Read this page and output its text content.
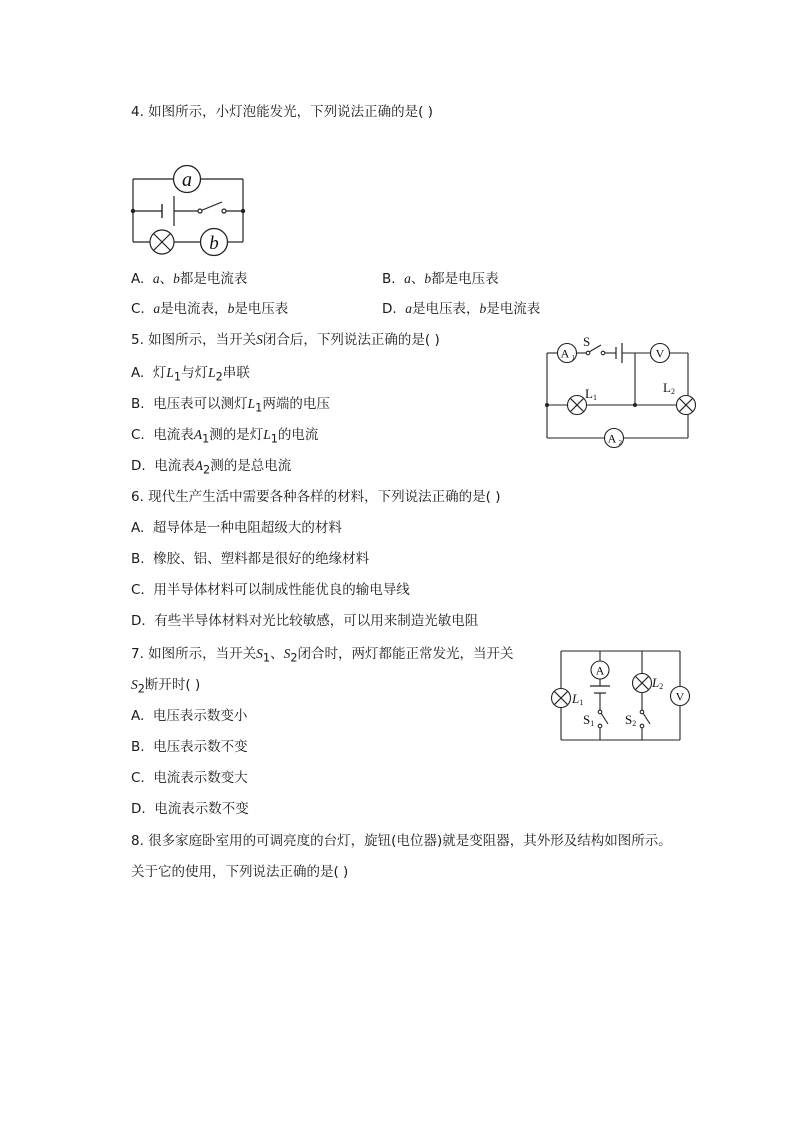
4. 如图所示，小灯泡能发光，下列说法正确的是( )
a
b
A. a、b都是电流表	B. a、b都是电压表
C. a是电流表，b是电压表	D. a是电压表，b是电流表
5. 如图所示，当开关S闭合后，下列说法正确的是( )
A. 灯$L_1$与灯$L_2$串联
B. 电压表可以测灯$L_1$两端的电压
C. 电流表$A_1$测的是灯$L_1$的电流
D. 电流表$A_2$测的是总电流
A 1
S
V
L1
L2
A 2
6. 现代生产生活中需要各种各样的材料，下列说法正确的是( )
A. 超导体是一种电阻超级大的材料
B. 橡胶、铝、塑料都是很好的绝缘材料
C. 用半导体材料可以制成性能优良的输电导线
D. 有些半导体材料对光比较敏感，可以用来制造光敏电阻
7. 如图所示，当开关$S_1$、$S_2$闭合时，两灯都能正常发光，当开关
$S_2$断开时( )
A. 电压表示数变小
B. 电压表示数不变
C. 电流表示数变大
D. 电流表示数不变
A
S1
L1
L2
S2
V
8. 很多家庭卧室用的可调亮度的台灯，旋钮(电位器)就是变阻器，其外形及结构如图所示。
关于它的使用，下列说法正确的是( )
